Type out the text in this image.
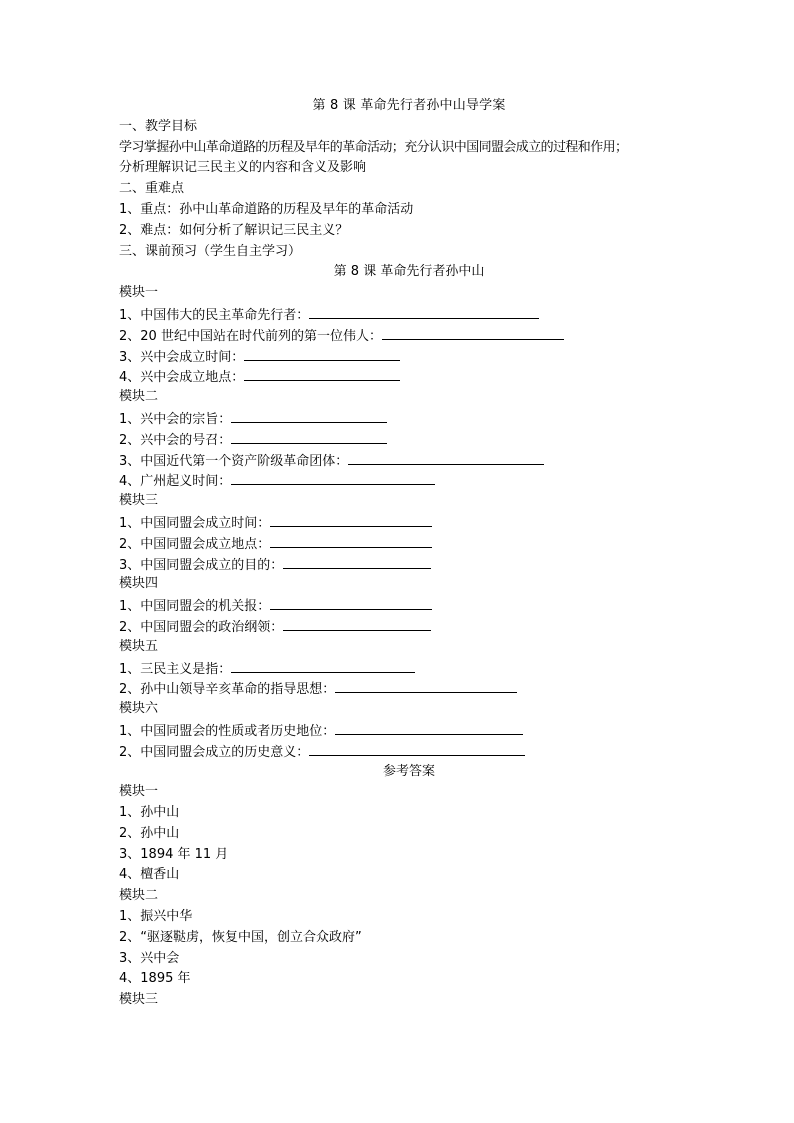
第 8 课 革命先行者孙中山导学案
一、教学目标
学习掌握孙中山革命道路的历程及早年的革命活动；充分认识中国同盟会成立的过程和作用；
分析理解识记三民主义的内容和含义及影响
二、重难点
1、重点：孙中山革命道路的历程及早年的革命活动
2、难点：如何分析了解识记三民主义？
三、课前预习（学生自主学习）
第 8 课 革命先行者孙中山
模块一
1、中国伟大的民主革命先行者：
2、20 世纪中国站在时代前列的第一位伟人：
3、兴中会成立时间：
4、兴中会成立地点：
模块二
1、兴中会的宗旨：
2、兴中会的号召：
3、中国近代第一个资产阶级革命团体：
4、广州起义时间：
模块三
1、中国同盟会成立时间：
2、中国同盟会成立地点：
3、中国同盟会成立的目的：
模块四
1、中国同盟会的机关报：
2、中国同盟会的政治纲领：
模块五
1、三民主义是指：
2、孙中山领导辛亥革命的指导思想：
模块六
1、中国同盟会的性质或者历史地位：
2、中国同盟会成立的历史意义：
参考答案
模块一
1、孙中山
2、孙中山
3、1894 年 11 月
4、檀香山
模块二
1、振兴中华
2、“驱逐鞑虏，恢复中国，创立合众政府”
3、兴中会
4、1895 年
模块三
